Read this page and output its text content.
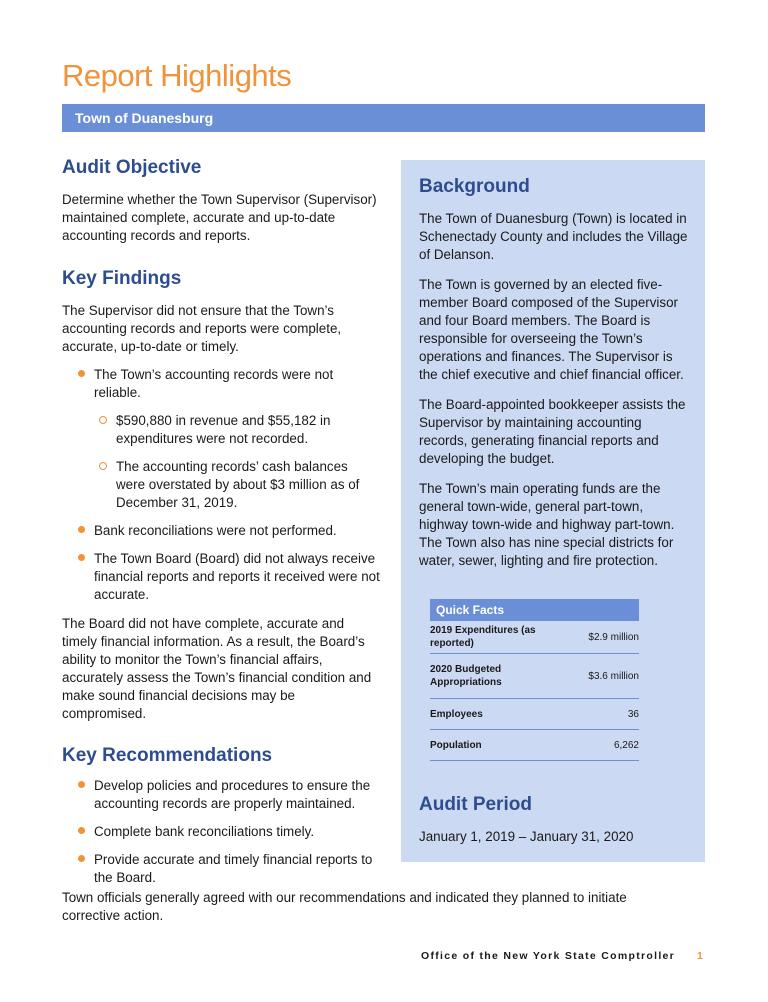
Report Highlights
Town of Duanesburg
Audit Objective

Determine whether the Town Supervisor (Supervisor) maintained complete, accurate and up-to-date accounting records and reports.

Key Findings

The Supervisor did not ensure that the Town’s accounting records and reports were complete, accurate, up-to-date or timely.

The Town’s accounting records were not reliable.
$590,880 in revenue and $55,182 in expenditures were not recorded.
The accounting records’ cash balances were overstated by about $3 million as of December 31, 2019.
Bank reconciliations were not performed.
The Town Board (Board) did not always receive financial reports and reports it received were not accurate.

The Board did not have complete, accurate and timely financial information. As a result, the Board’s ability to monitor the Town’s financial affairs, accurately assess the Town’s financial condition and make sound financial decisions may be compromised.

Key Recommendations
Develop policies and procedures to ensure the accounting records are properly maintained.
Complete bank reconciliations timely.
Provide accurate and timely financial reports to the Board.
Background

The Town of Duanesburg (Town) is located in Schenectady County and includes the Village of Delanson.

The Town is governed by an elected five-member Board composed of the Supervisor and four Board members. The Board is responsible for overseeing the Town’s operations and finances. The Supervisor is the chief executive and chief financial officer.

The Board-appointed bookkeeper assists the Supervisor by maintaining accounting records, generating financial reports and developing the budget.

The Town’s main operating funds are the general town-wide, general part-town, highway town-wide and highway part-town. The Town also has nine special districts for water, sewer, lighting and fire protection.

Quick Facts
2019 Expenditures (as reported)
$2.9 million
2020 Budgeted Appropriations
$3.6 million
Employees	36
Population	6,262
Audit Period

January 1, 2019 – January 31, 2020

Town officials generally agreed with our recommendations and indicated they planned to initiate corrective action.

Office of the New York State Comptroller 1
